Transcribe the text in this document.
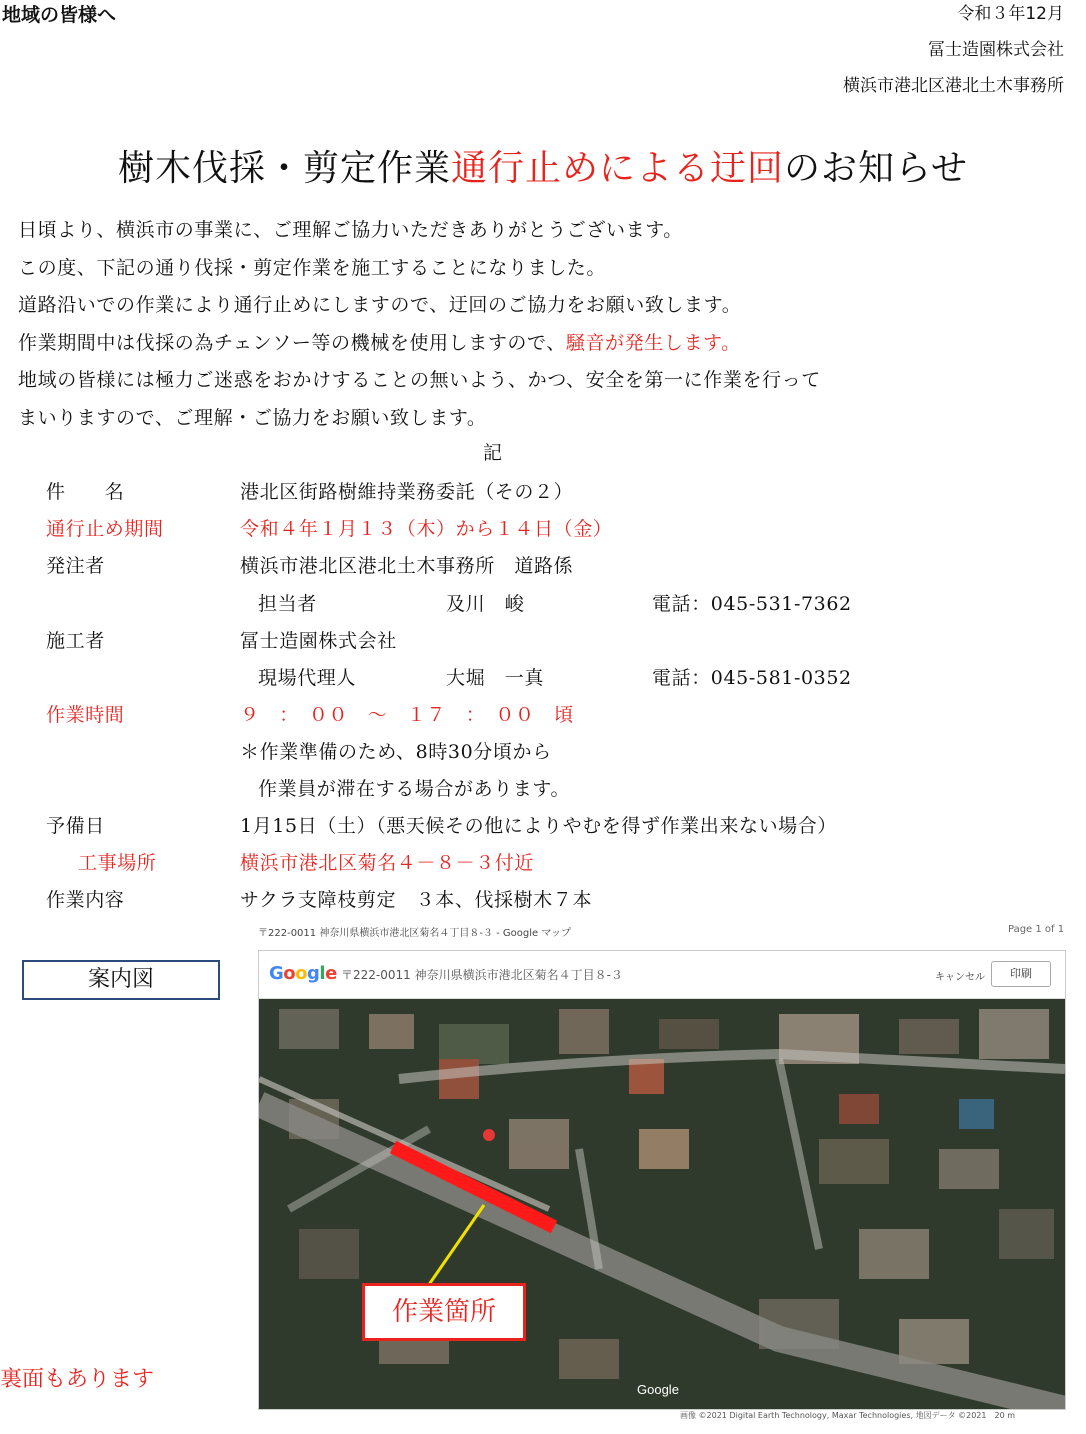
地域の皆様へ	令和３年12月
冨士造園株式会社
横浜市港北区港北土木事務所
樹木伐採・剪定作業通行止めによる迂回のお知らせ
日頃より、横浜市の事業に、ご理解ご協力いただきありがとうございます。
この度、下記の通り伐採・剪定作業を施工することになりました。
道路沿いでの作業により通行止めにしますので、迂回のご協力をお願い致します。
作業期間中は伐採の為チェンソー等の機械を使用しますので、騒音が発生します。
地域の皆様には極力ご迷惑をおかけすることの無いよう、かつ、安全を第一に作業を行って
まいりますので、ご理解・ご協力をお願い致します。
記
件　　名	港北区街路樹維持業務委託（その２）
通行止め期間	令和４年１月１３（木）から１４日（金）
発注者	横浜市港北区港北土木事務所　道路係
担当者	及川　峻	電話：045-531-7362
施工者	冨士造園株式会社
現場代理人	大堀　一真	電話：045-581-0352
作業時間	９　：　００　～　１７　：　００　頃
＊作業準備のため、8時30分頃から
作業員が滞在する場合があります。
予備日	1月15日（土）（悪天候その他によりやむを得ず作業出来ない場合）
工事場所	横浜市港北区菊名４－８－３付近
作業内容	サクラ支障枝剪定　３本、伐採樹木７本
〒222-0011 神奈川県横浜市港北区菊名４丁目８-３ - Google マップ	Page 1 of 1
案内図	Google 〒222-0011 神奈川県横浜市港北区菊名４丁目８-３	キャンセル	印刷
Google
作業箇所
裏面もあります
画像 ©2021 Digital Earth Technology, Maxar Technologies, 地図データ ©2021　20 m
